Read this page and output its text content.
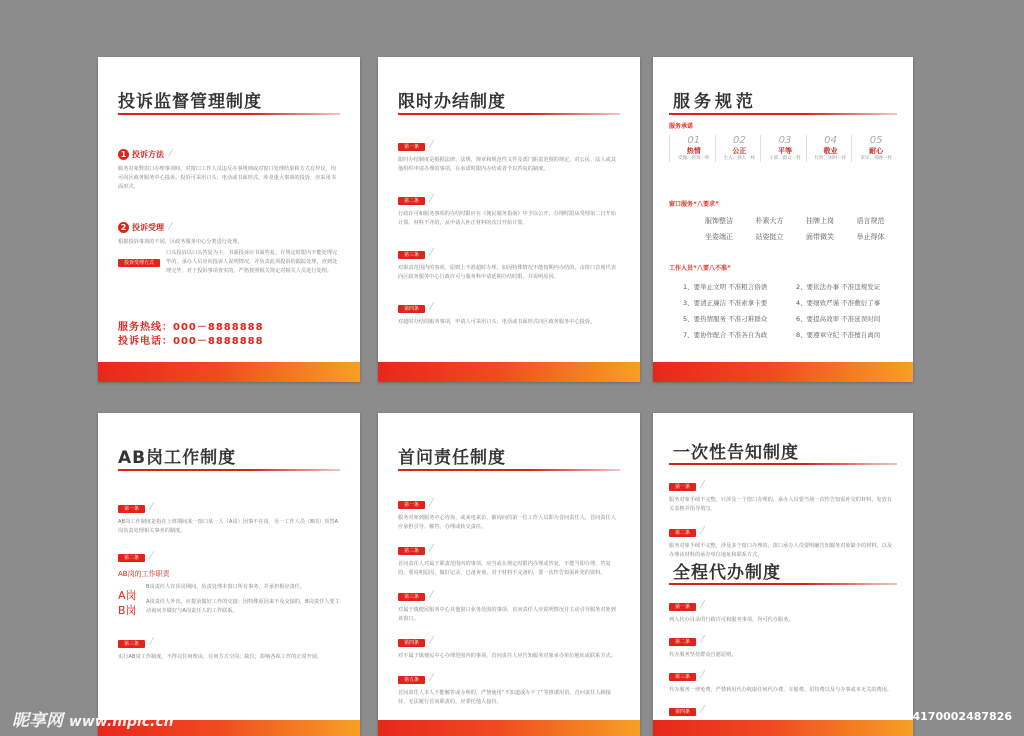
投诉监督管理制度
1 投诉方法
服务对象對窗口办理事项時，对窗口工作人员违反办事规则或对窗口处理结果和方式有异议，均可向区政务服务中心投诉。投诉可采用口头、电话或书面形式，涉及重大事项的投诉，应采用书面形式。
2 投诉受理
根据投诉事项的不同，区政务服务中心分类进行处理。
投诉受理方式
口头投诉以口头答复为主，书面投诉应书面答复。在规定时限内不能处理完毕的，承办人员应向投诉人说明情况，并负责此项投诉的跟踪处理，直到处理完毕。对于投诉事项查实的，严格按照相关规定对相关人员进行处理。
服务热线：000－8888888
投诉电话：000－8888888
限时办结制度
第一条
限时办结制度是根据法律、法规、规章和规范性文件及部门职责范围的规定，对公民、法人或其他组织申请办理的事项，在承诺时限内办结或者予以答复的制度。
第二条
行政许可和服务事项的办结时限应在《便民服务指南》中予以公开，办理时限从受理第二日开始计算。材料不齐的，从申请人补正材料的次日开始计算。
第三条
对职责范围内的事项，原则上不准超时办理。如因特殊情况不能按期内办结的，由窗口首席代表向区政务服务中心行政许可与服务科申请延期办结时限，并说明原因。
第四条
对超时办结的服务事项，申请人可采用口头、电话或书面形式向区政务服务中心投诉。
服务规范
服务承诺
01
热情
受理、咨询一样
02
公正
生人、熟人一样
03
平等
干部、群众一样
04
敬业
忙时、闲时一样
05
耐心
来早、来晚一样
窗口服务“八要求”
服饰整洁	朴素大方	挂牌上岗	语言规范
坐姿端正	站姿挺立	面带微笑	举止得体
工作人员“八要八不准”
1、要举止文明 不准粗言俗语	2、要依法办事 不准违规发证
3、要清正廉洁 不准索拿卡要	4、要细致严谨 不准敷衍了事
5、要热情服务 不准刁难群众	6、要提高效率 不准延误时间
7、要协作配合 不准各自为政	8、要遵章守纪 不准擅自离岗
AB岗工作制度
第一条
AB岗工作制度是指在上班期间某一窗口某一人（A岗）因事不在岗，另一工作人员（B岗）顶替A岗负责处理相关事务的制度。
第二条
AB岗的工作职责
A岗
B岗责任人在顶岗期间，负责处理本窗口所有事务，并承担相应责任。
B岗
A岗责任人外出，应提前做好工作的交接；因特殊原因来不及交接的，B岗责任人要主动询问并做好与A岗责任人的工作联系。
第三条
实行AB岗工作制度，不得以任何理由，任何方式空岗、缺位，影响各项工作的正常开展。
首问责任制度
第一条
服务对象到服务中心咨询、或来电来访，被询问的第一位工作人员即为首问责任人，首问责任人应承担引导、解答、办理或转交责任。
第二条
首问责任人对属于职责范围内的事项，应当或在规定时限内办理或答复，不能当即办理、答复的，要说明原因，做好记录，已备查询，对于材料不完备的，要一次性告知需补充的资料。
第三条
对属于镇便民服务中心其他窗口业务范围的事项，首问责任人应说明情况并主动引导服务对象到该窗口。
第四条
对不属于镇便民中心办理范围内的事项，首问责任人应告知服务对象承办单位地址或联系方式。
第五条
首问责任人本人不能解答或办理的，严禁使用“不知道或办不了”等推诿用语。首问责任人顾接待，无法履行首问职责的，应委托他人接待。
一次性告知制度
第一条
服务对象手续不完整，只涉及一个窗口办理的，承办人员要当场一次性告知需补交的材料，发放有关表格并指导填写。
第二条
服务对象手续不完整，涉及多个窗口办理的，窗口承办人员要明确告知服务对象缺少的材料，以及办理该材料的承办单位地址和联系方式。
全程代办制度
第一条
列入代办目录的行政许可和服务事项，均可代办服务。
第二条
代办服务坚持群众自愿原则。
第三条
代办服务一律免费，严禁利用代办收取任何代办费、车船费、招待费以及与办事或本无关的费用。
第四条
昵享网 www.nipic.cn	ID:4161671 NO:20141224170002487826
